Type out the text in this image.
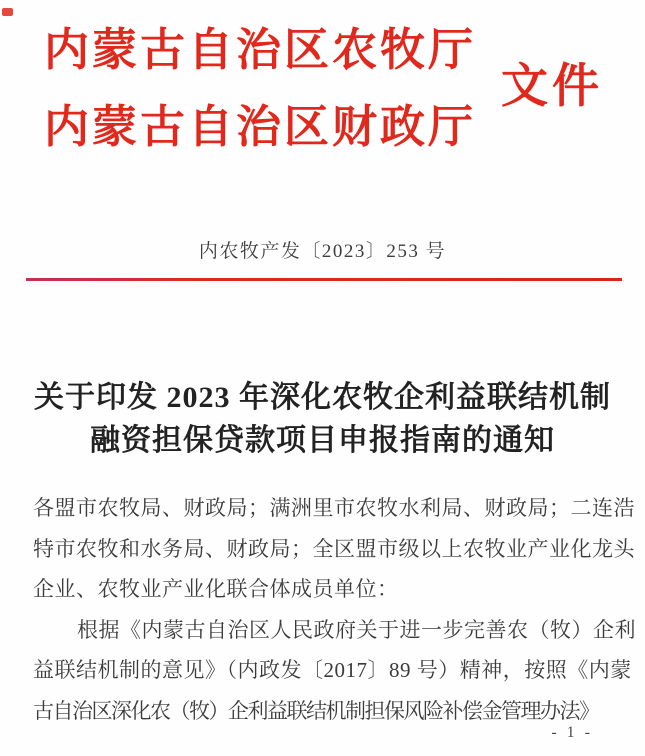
内蒙古自治区农牧厅
内蒙古自治区财政厅
文件
内农牧产发〔2023〕253 号
关于印发 2023 年深化农牧企利益联结机制
融资担保贷款项目申报指南的通知
各盟市农牧局、财政局；满洲里市农牧水利局、财政局；二连浩
特市农牧和水务局、财政局；全区盟市级以上农牧业产业化龙头
企业、农牧业产业化联合体成员单位：
根据《内蒙古自治区人民政府关于进一步完善农（牧）企利
益联结机制的意见》（内政发〔2017〕89 号）精神，按照《内蒙
古自治区深化农（牧）企利益联结机制担保风险补偿金管理办法》
- 1 -
